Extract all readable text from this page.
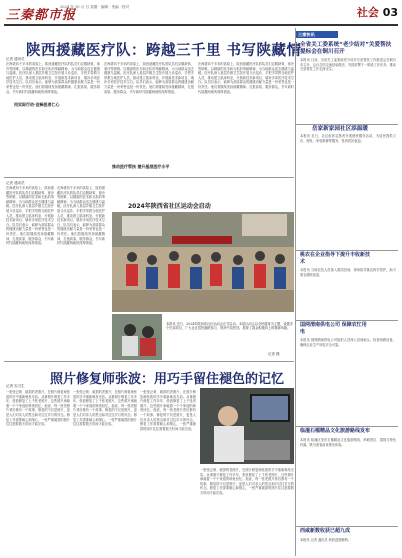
三秦都市报
2024 年 10 月 日 星期 · 编辑 · 美编 · 校对	社会 03
陕西援藏医疗队：跨越三千里 书写陕藏情
记者 通讯员
在海拔四千多米的高原上，陕西援藏医疗队的队员们克服缺氧、寒冷等困难，以精湛的医术和无私的奉献精神，为当地群众送去健康与温暖。医疗队深入基层乡镇卫生院开展义诊巡诊，手把手带教当地医护人员，推动建立临床科室，开展新技术新项目，填补多项医疗技术空白。队员们表示，能够为高原群众的健康贡献力量是一份荣誉也是一份责任。他们将继续发扬援藏精神，扎根高原，服务群众，书写新时代陕藏两地的深厚情谊。
用实际行动·诠释医者仁心
在海拔四千多米的高原上，陕西援藏医疗队的队员们克服缺氧、寒冷等困难，以精湛的医术和无私的奉献精神，为当地群众送去健康与温暖。医疗队深入基层乡镇卫生院开展义诊巡诊，手把手带教当地医护人员，推动建立临床科室，开展新技术新项目，填补多项医疗技术空白。队员们表示，能够为高原群众的健康贡献力量是一份荣誉也是一份责任。他们将继续发扬援藏精神，扎根高原，服务群众，书写新时代陕藏两地的深厚情谊。
推动医疗帮扶 提升基层医疗水平
在海拔四千多米的高原上，陕西援藏医疗队的队员们克服缺氧、寒冷等困难，以精湛的医术和无私的奉献精神，为当地群众送去健康与温暖。医疗队深入基层乡镇卫生院开展义诊巡诊，手把手带教当地医护人员，推动建立临床科室，开展新技术新项目，填补多项医疗技术空白。队员们表示，能够为高原群众的健康贡献力量是一份荣誉也是一份责任。他们将继续发扬援藏精神，扎根高原，服务群众，书写新时代陕藏两地的深厚情谊。
记者 通讯员
在海拔四千多米的高原上，陕西援藏医疗队的队员们克服缺氧、寒冷等困难，以精湛的医术和无私的奉献精神，为当地群众送去健康与温暖。医疗队深入基层乡镇卫生院开展义诊巡诊，手把手带教当地医护人员，推动建立临床科室，开展新技术新项目，填补多项医疗技术空白。队员们表示，能够为高原群众的健康贡献力量是一份荣誉也是一份责任。他们将继续发扬援藏精神，扎根高原，服务群众，书写新时代陕藏两地的深厚情谊。
在海拔四千多米的高原上，陕西援藏医疗队的队员们克服缺氧、寒冷等困难，以精湛的医术和无私的奉献精神，为当地群众送去健康与温暖。医疗队深入基层乡镇卫生院开展义诊巡诊，手把手带教当地医护人员，推动建立临床科室，开展新技术新项目，填补多项医疗技术空白。队员们表示，能够为高原群众的健康贡献力量是一份荣誉也是一份责任。他们将继续发扬援藏精神，扎根高原，服务群众，书写新时代陕藏两地的深厚情谊。
2024年陕西省社区运动会启动
本报讯 近日，2024年陕西省社区运动会正式启动。本届运动会以全民健身为主题，设置多个比赛项目，广大社区居民踊跃参与，现场气氛热烈，展现了群众积极向上的精神风貌。
记者 摄
照片修复师张波：用巧手留住褪色的记忆
记者 实习生
一张张泛黄、破损的老照片，在照片修复师张波的手中重新焕发光彩。从事照片修复工作多年，张波修复了上千张老照片，这些照片承载着一个个家庭的珍贵回忆。他说，每一张老照片背后都有一个故事，修复的不仅是照片，更是人们对亲人的思念和对过往岁月的怀念。修复工作需要耐心和细心，一张严重破损的照片往往需要数天时间才能完成。
一张张泛黄、破损的老照片，在照片修复师张波的手中重新焕发光彩。从事照片修复工作多年，张波修复了上千张老照片，这些照片承载着一个个家庭的珍贵回忆。他说，每一张老照片背后都有一个故事，修复的不仅是照片，更是人们对亲人的思念和对过往岁月的怀念。修复工作需要耐心和细心，一张严重破损的照片往往需要数天时间才能完成。
一张张泛黄、破损的老照片，在照片修复师张波的手中重新焕发光彩。从事照片修复工作多年，张波修复了上千张老照片，这些照片承载着一个个家庭的珍贵回忆。他说，每一张老照片背后都有一个故事，修复的不仅是照片，更是人们对亲人的思念和对过往岁月的怀念。修复工作需要耐心和细心，一张严重破损的照片往往需要数天时间才能完成。
一张张泛黄、破损的老照片，在照片修复师张波的手中重新焕发光彩。从事照片修复工作多年，张波修复了上千张老照片，这些照片承载着一个个家庭的珍贵回忆。他说，每一张老照片背后都有一个故事，修复的不仅是照片，更是人们对亲人的思念和对过往岁月的怀念。修复工作需要耐心和细心，一张严重破损的照片往往需要数天时间才能完成。
三秦快讯
全省关工委系统“老少结对”关爱帮扶提标会在铜川召开
本报讯 日前，全省关工委系统老少结对关爱帮扶工作推进会在铜川市召开，会议总结交流经验做法，安排部署下一阶段工作任务，推动关爱帮扶工作走深走实。
岳家新家园社区添温暖
本报讯 近日，社区组织志愿者开展便民服务活动，为居民提供义诊、理发、家电维修等服务，受到居民欢迎。
桃农在企业指导下提升丰收新技术
本报讯 当地农技人员深入果园田间，现场指导桃农科学管护，助力果农增收致富。
国网渭南供电公司 保障农忙用电
本报讯 国网渭南供电公司组织人员深入田间地头，检查线路设备，确保农业生产用电安全可靠。
临潼石榴精品文化旅游路线发布
本报讯 临潼区发布石榴精品文化旅游路线，串联景区、果园与特色村落，吸引游客前来观光体验。
西咸新数收获已超九成
本报讯 记者 通讯员 秋收进展顺利。
